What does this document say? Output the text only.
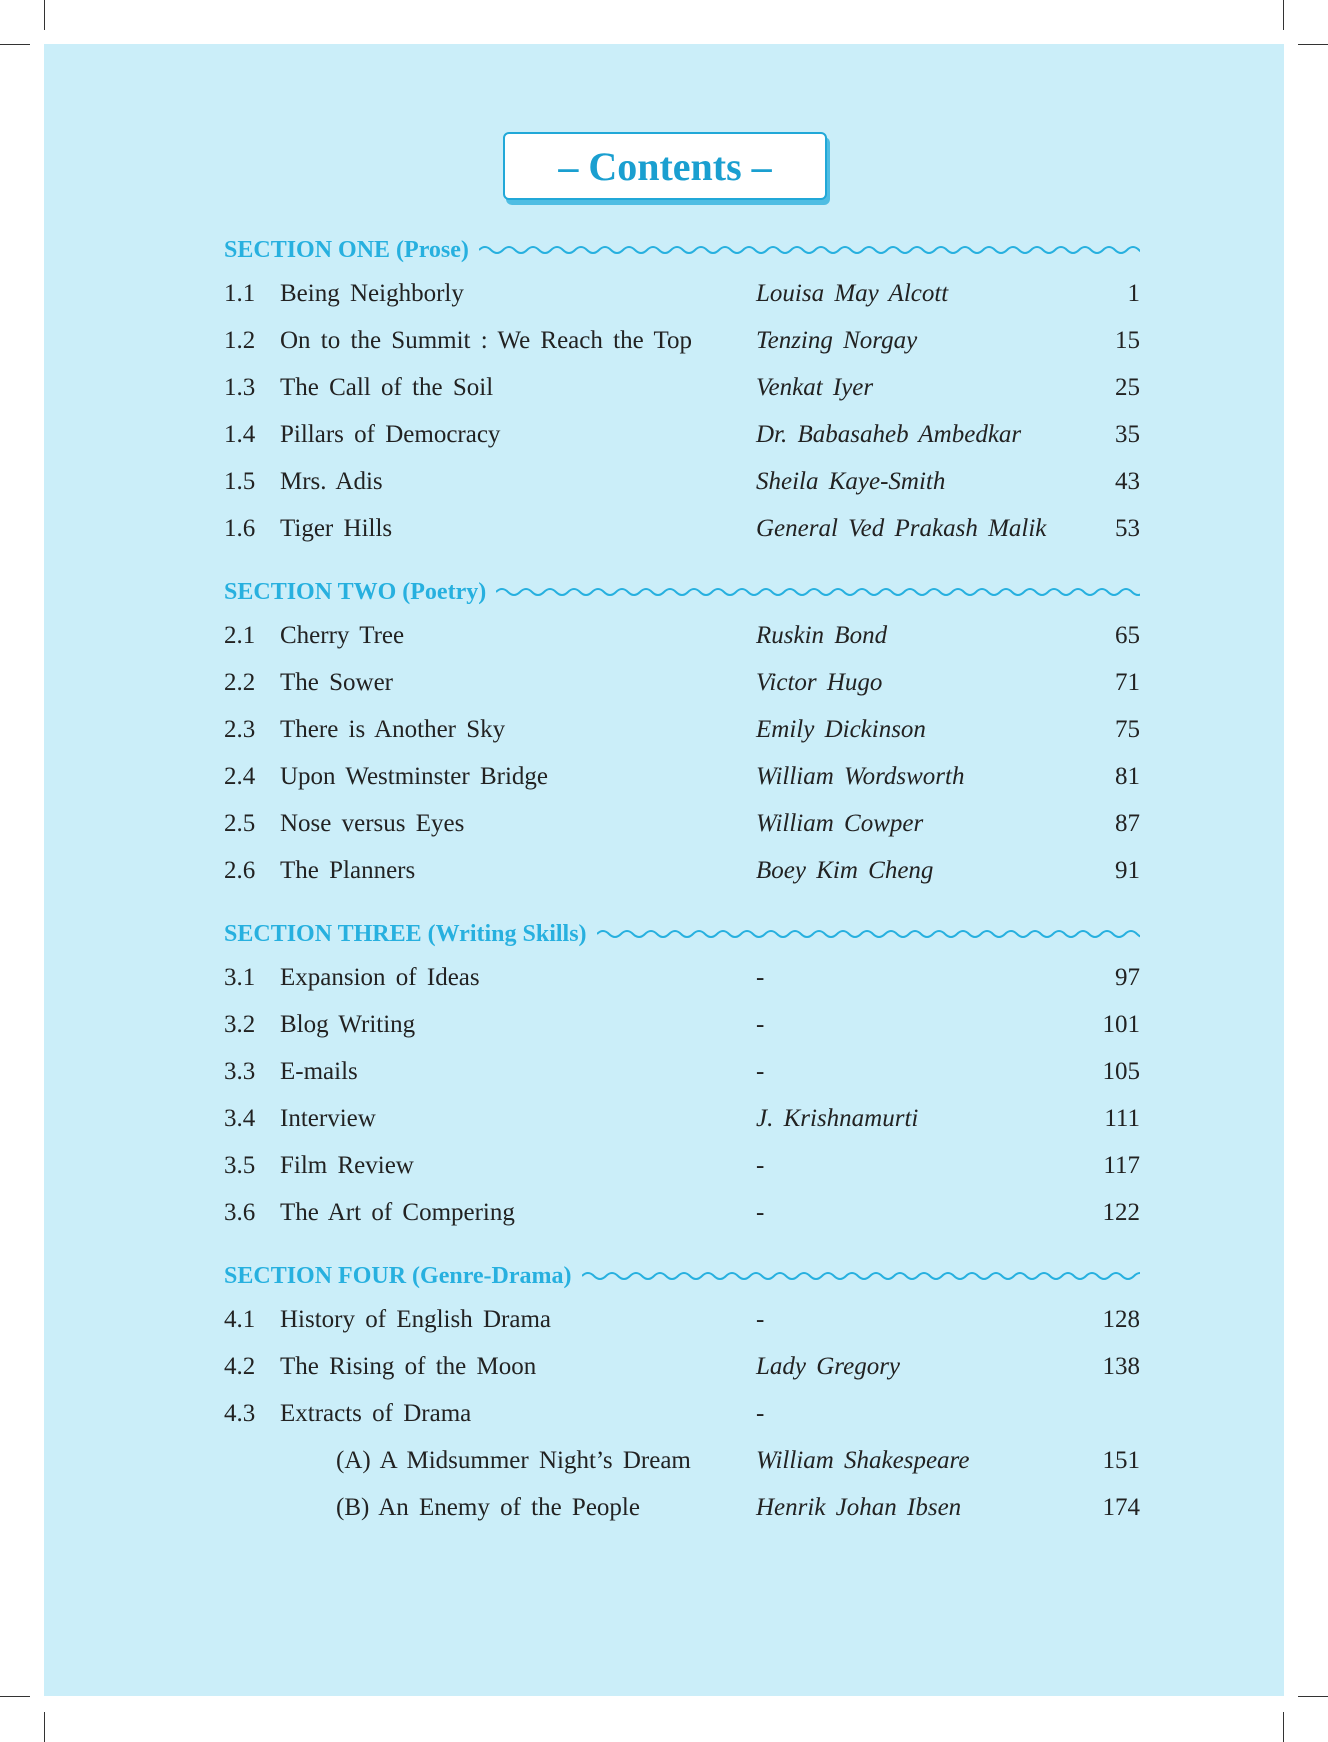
– Contents –
SECTION ONE (Prose)
1.1 Being Neighborly	Louisa May Alcott	1
1.2 On to the Summit : We Reach the Top	Tenzing Norgay	15
1.3 The Call of the Soil	Venkat Iyer	25
1.4 Pillars of Democracy	Dr. Babasaheb Ambedkar	35
1.5 Mrs. Adis	Sheila Kaye-Smith	43
1.6 Tiger Hills	General Ved Prakash Malik	53
SECTION TWO (Poetry)
2.1 Cherry Tree	Ruskin Bond	65
2.2 The Sower	Victor Hugo	71
2.3 There is Another Sky	Emily Dickinson	75
2.4 Upon Westminster Bridge	William Wordsworth	81
2.5 Nose versus Eyes	William Cowper	87
2.6 The Planners	Boey Kim Cheng	91
SECTION THREE (Writing Skills)
3.1 Expansion of Ideas	-	97
3.2 Blog Writing	-	101
3.3 E-mails	-	105
3.4 Interview	J. Krishnamurti	111
3.5 Film Review	-	117
3.6 The Art of Compering	-	122
SECTION FOUR (Genre-Drama)
4.1 History of English Drama	-	128
4.2 The Rising of the Moon	Lady Gregory	138
4.3 Extracts of Drama	-
(A) A Midsummer Night’s Dream	William Shakespeare	151
(B) An Enemy of the People	Henrik Johan Ibsen	174
